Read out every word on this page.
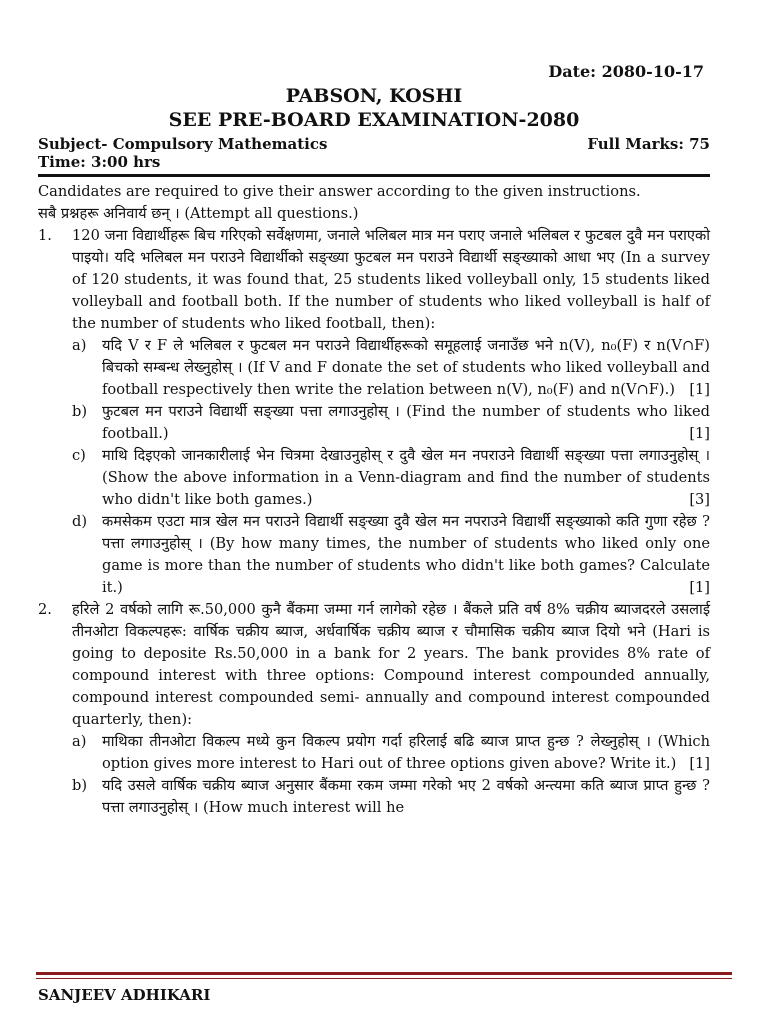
Date: 2080-10-17
PABSON, KOSHI
SEE PRE-BOARD EXAMINATION-2080
Subject- Compulsory Mathematics	Full Marks: 75
Time: 3:00 hrs
Candidates are required to give their answer according to the given instructions.
सबै प्रश्नहरू अनिवार्य छन् । (Attempt all questions.)
1.	120 जना विद्यार्थीहरू बिच गरिएको सर्वेक्षणमा, जनाले भलिबल मात्र मन पराए जनाले भलिबल र फुटबल दुवै मन पराएको पाइयो। यदि भलिबल मन पराउने विद्यार्थीको सङ्ख्या फुटबल मन पराउने विद्यार्थी सङ्ख्याको आधा भए (In a survey of 120 students, it was found that, 25 students liked volleyball only, 15 students liked volleyball and football both. If the number of students who liked volleyball is half of the number of students who liked football, then):
a)	यदि V र F ले भलिबल र फुटबल मन पराउने विद्यार्थीहरूको समूहलाई जनाउँछ भने n(V), n₀(F) र n(V∩F) बिचको सम्बन्ध लेख्नुहोस् । (If V and F donate the set of students who liked volleyball and football respectively then write the relation between n(V), n₀(F) and n(V∩F).) [1]
b)	फुटबल मन पराउने विद्यार्थी सङ्ख्या पत्ता लगाउनुहोस् । (Find the number of students who liked football.)	[1]
c)	माथि दिइएको जानकारीलाई भेन चित्रमा देखाउनुहोस् र दुवै खेल मन नपराउने विद्यार्थी सङ्ख्या पत्ता लगाउनुहोस् । (Show the above information in a Venn-diagram and find the number of students who didn't like both games.)	[3]
d)	कमसेकम एउटा मात्र खेल मन पराउने विद्यार्थी सङ्ख्या दुवै खेल मन नपराउने विद्यार्थी सङ्ख्याको कति गुणा रहेछ ? पत्ता लगाउनुहोस् । (By how many times, the number of students who liked only one game is more than the number of students who didn't like both games? Calculate it.)	[1]
2.	हरिले 2 वर्षको लागि रू.50,000 कुनै बैंकमा जम्मा गर्न लागेको रहेछ । बैंकले प्रति वर्ष 8% चक्रीय ब्याजदरले उसलाई तीनओटा विकल्पहरू: वार्षिक चक्रीय ब्याज, अर्धवार्षिक चक्रीय ब्याज र चौमासिक चक्रीय ब्याज दियो भने (Hari is going to deposite Rs.50,000 in a bank for 2 years. The bank provides 8% rate of compound interest with three options: Compound interest compounded annually, compound interest compounded semi- annually and compound interest compounded quarterly, then):
a)	माथिका तीनओटा विकल्प मध्ये कुन विकल्प प्रयोग गर्दा हरिलाई बढि ब्याज प्राप्त हुन्छ ? लेख्नुहोस् । (Which option gives more interest to Hari out of three options given above? Write it.) [1]
b)	यदि उसले वार्षिक चक्रीय ब्याज अनुसार बैंकमा रकम जम्मा गरेको भए 2 वर्षको अन्त्यमा कति ब्याज प्राप्त हुन्छ ? पत्ता लगाउनुहोस् । (How much interest will he
SANJEEV ADHIKARI
